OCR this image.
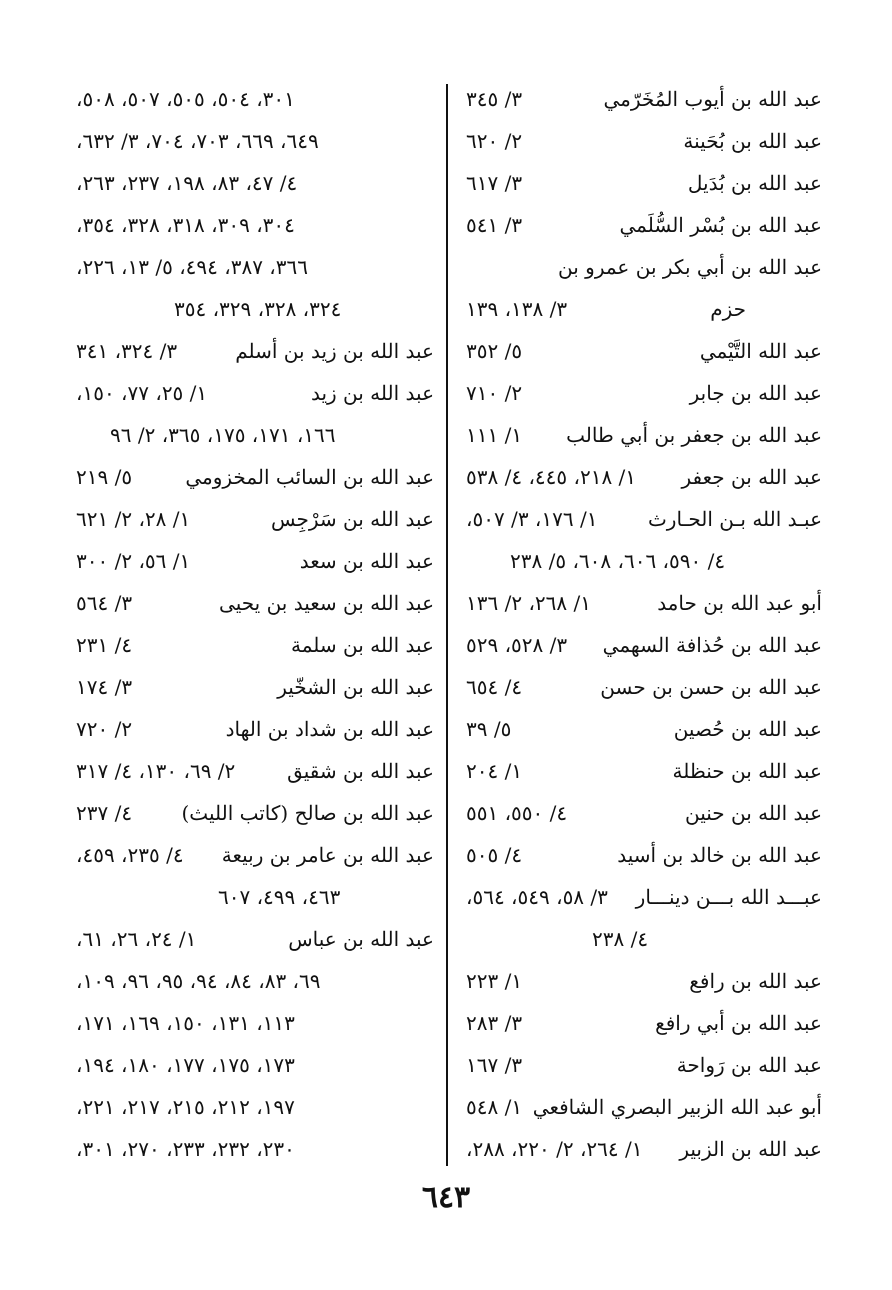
عبد الله بن أيوب المُخَرّمي
٣/ ٣٤٥
عبد الله بن بُحَينة
٢/ ٦٢٠
عبد الله بن بُدَيل
٣/ ٦١٧
عبد الله بن بُسْر السُّلَمي
٣/ ٥٤١
عبد الله بن أبي بكر بن عمرو بن
حزم
٣/ ١٣٨، ١٣٩
عبد الله التَّيْمي
٥/ ٣٥٢
عبد الله بن جابر
٢/ ٧١٠
عبد الله بن جعفر بن أبي طالب
١/ ١١١
عبد الله بن جعفر
١/ ٢١٨، ٤٤٥، ٤/ ٥٣٨
عبـد الله بـن الحـارث
١/ ١٧٦، ٣/ ٥٠٧،
٤/ ٥٩٠، ٦٠٦، ٦٠٨، ٥/ ٢٣٨
أبو عبد الله بن حامد
١/ ٢٦٨، ٢/ ١٣٦
عبد الله بن حُذافة السهمي
٣/ ٥٢٨، ٥٢٩
عبد الله بن حسن بن حسن
٤/ ٦٥٤
عبد الله بن حُصين
٥/ ٣٩
عبد الله بن حنظلة
١/ ٢٠٤
عبد الله بن حنين
٤/ ٥٥٠، ٥٥١
عبد الله بن خالد بن أسيد
٤/ ٥٠٥
عبـــد الله بـــن دينـــار
٣/ ٥٨، ٥٤٩، ٥٦٤،
٤/ ٢٣٨
عبد الله بن رافع
١/ ٢٢٣
عبد الله بن أبي رافع
٣/ ٢٨٣
عبد الله بن رَواحة
٣/ ١٦٧
أبو عبد الله الزبير البصري الشافعي
١/ ٥٤٨
عبد الله بن الزبير
١/ ٢٦٤، ٢/ ٢٢٠، ٢٨٨،
٣٠١، ٥٠٤، ٥٠٥، ٥٠٧، ٥٠٨،
٦٤٩، ٦٦٩، ٧٠٣، ٧٠٤، ٣/ ٦٣٢،
٤/ ٤٧، ٨٣، ١٩٨، ٢٣٧، ٢٦٣،
٣٠٤، ٣٠٩، ٣١٨، ٣٢٨، ٣٥٤،
٣٦٦، ٣٨٧، ٤٩٤، ٥/ ١٣، ٢٢٦،
٣٢٤، ٣٢٨، ٣٢٩، ٣٥٤
عبد الله بن زيد بن أسلم
٣/ ٣٢٤، ٣٤١
عبد الله بن زيد
١/ ٢٥، ٧٧، ١٥٠،
١٦٦، ١٧١، ١٧٥، ٣٦٥، ٢/ ٩٦
عبد الله بن السائب المخزومي
٥/ ٢١٩
عبد الله بن سَرْجِس
١/ ٢٨، ٢/ ٦٢١
عبد الله بن سعد
١/ ٥٦، ٢/ ٣٠٠
عبد الله بن سعيد بن يحيى
٣/ ٥٦٤
عبد الله بن سلمة
٤/ ٢٣١
عبد الله بن الشخّير
٣/ ١٧٤
عبد الله بن شداد بن الهاد
٢/ ٧٢٠
عبد الله بن شقيق
٢/ ٦٩، ١٣٠، ٤/ ٣١٧
عبد الله بن صالح (كاتب الليث)
٤/ ٢٣٧
عبد الله بن عامر بن ربيعة
٤/ ٢٣٥، ٤٥٩،
٤٦٣، ٤٩٩، ٦٠٧
عبد الله بن عباس
١/ ٢٤، ٢٦، ٦١،
٦٩، ٨٣، ٨٤، ٩٤، ٩٥، ٩٦، ١٠٩،
١١٣، ١٣١، ١٥٠، ١٦٩، ١٧١،
١٧٣، ١٧٥، ١٧٧، ١٨٠، ١٩٤،
١٩٧، ٢١٢، ٢١٥، ٢١٧، ٢٢١،
٢٣٠، ٢٣٢، ٢٣٣، ٢٧٠، ٣٠١،
٦٤٣
